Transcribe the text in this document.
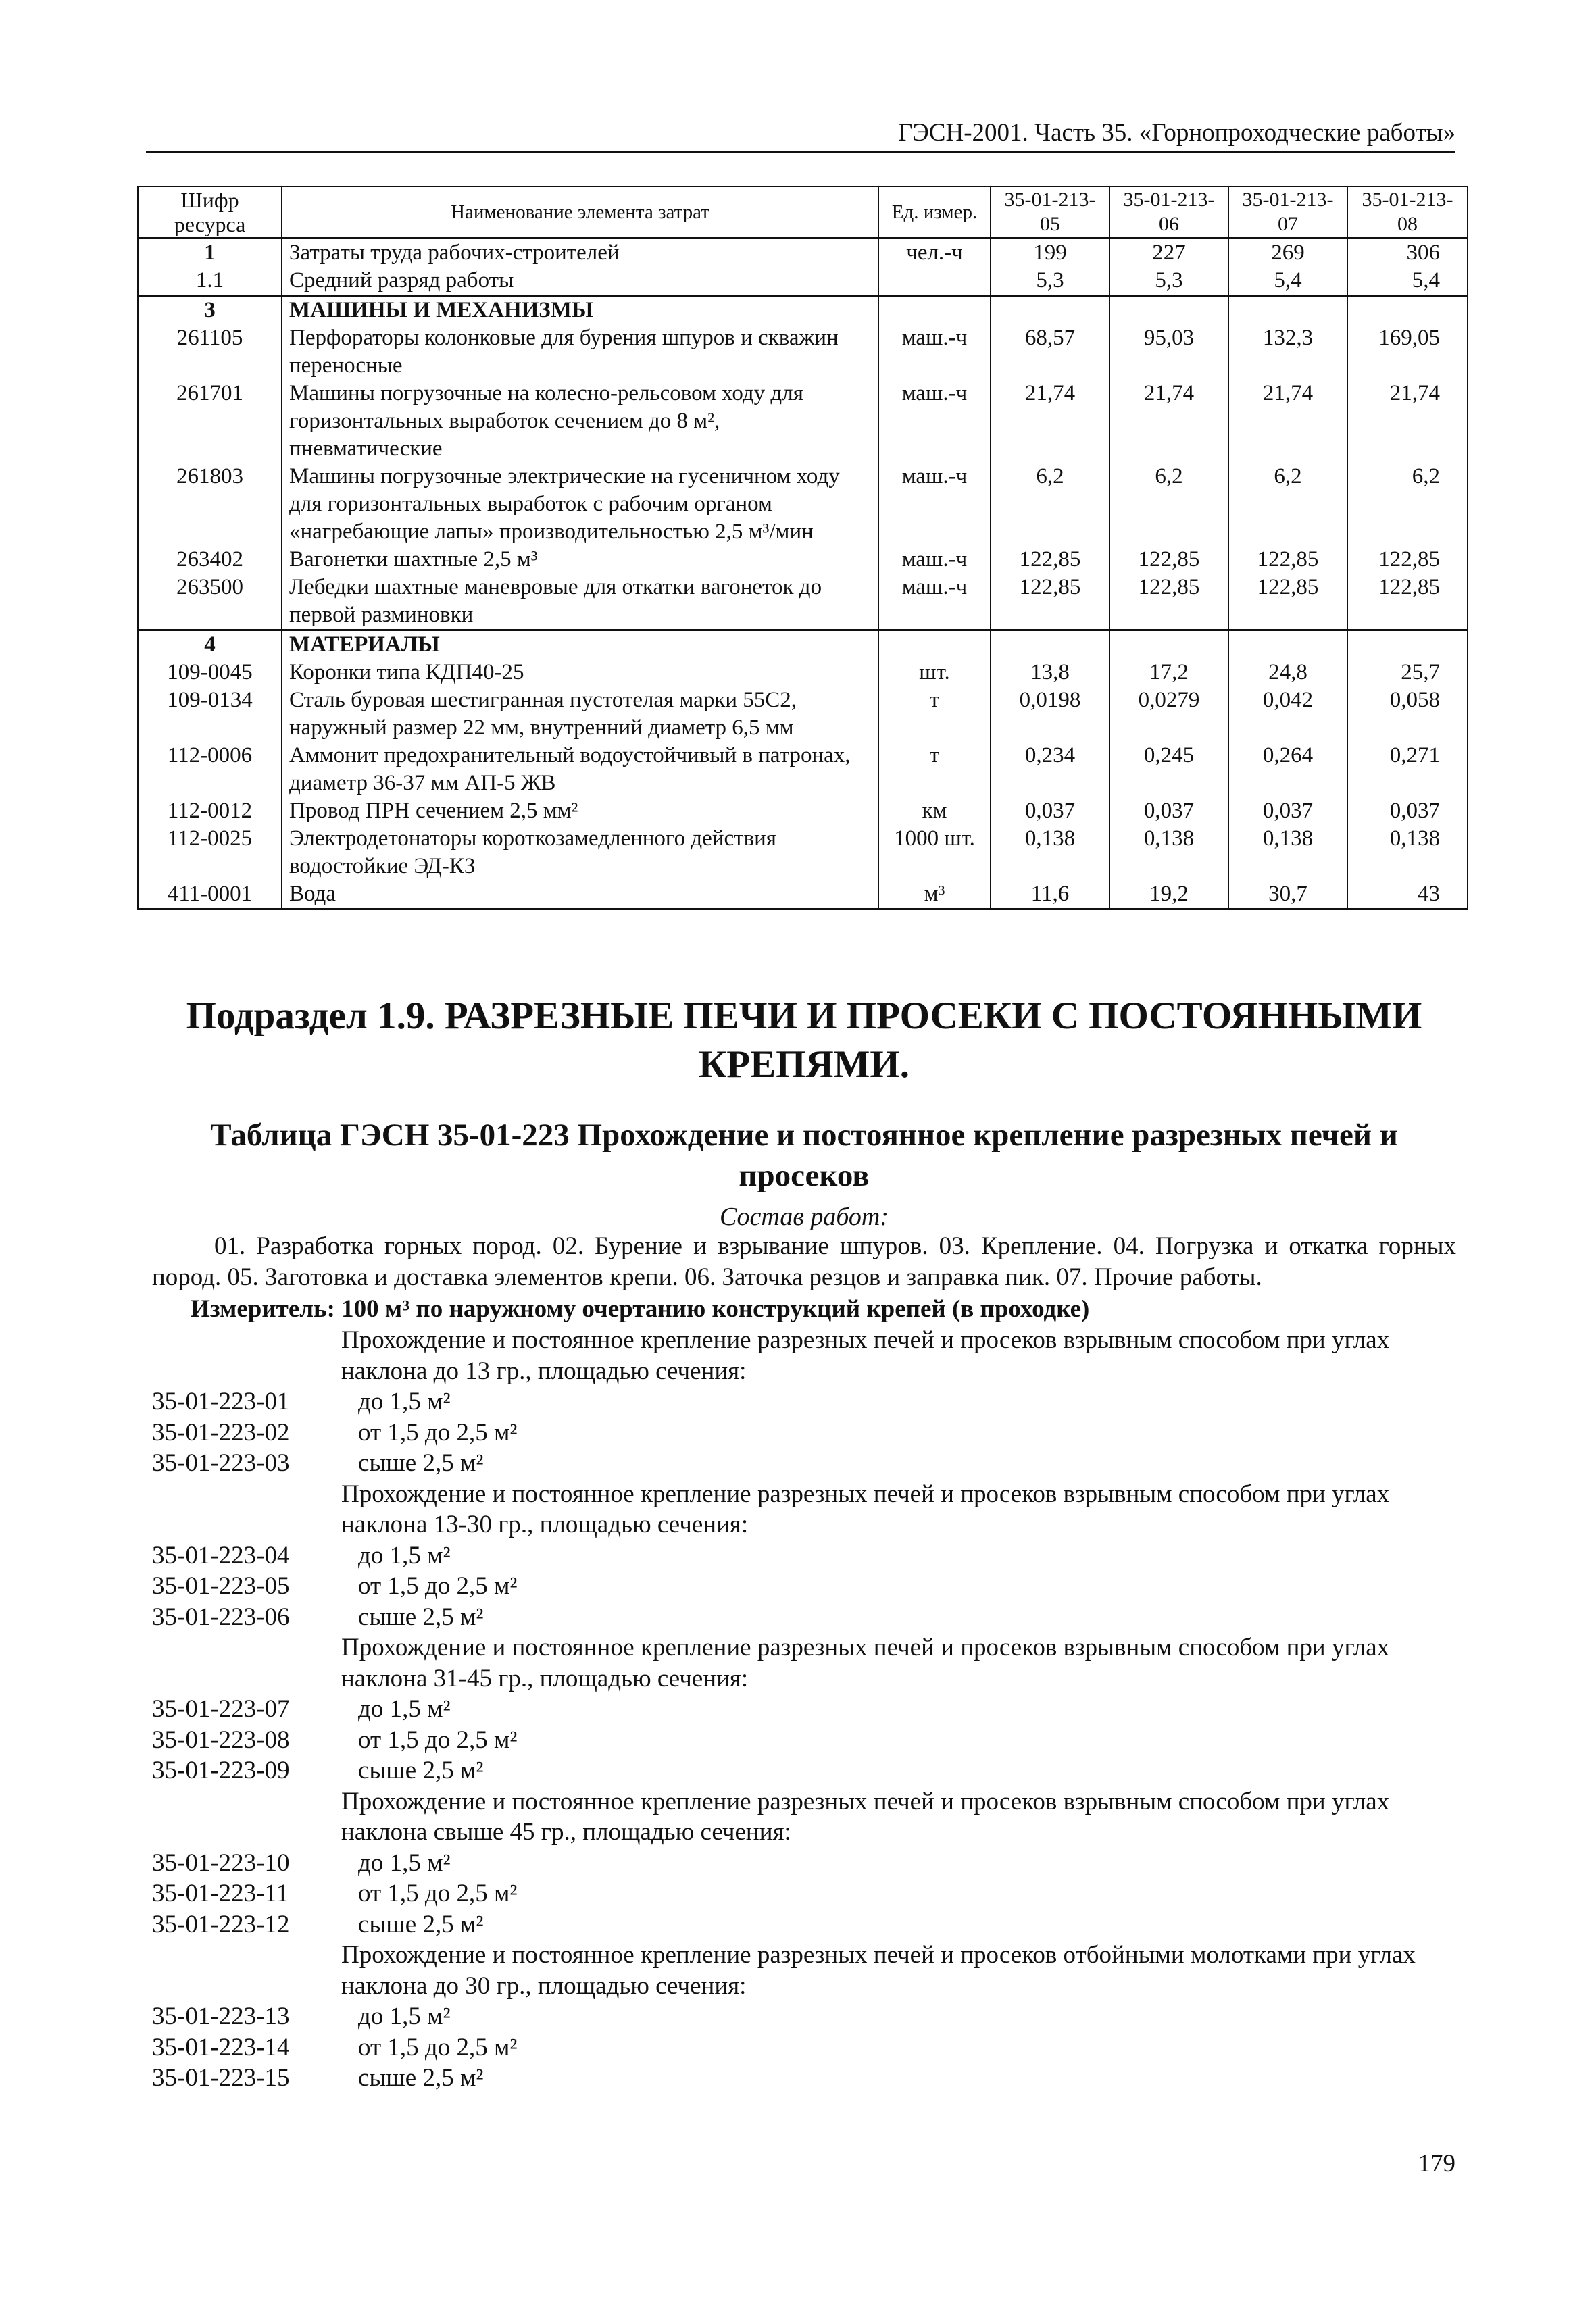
ГЭСН-2001. Часть 35. «Горнопроходческие работы»
Шифр ресурса	Наименование элемента затрат	Ед. измер.	35-01-213-05	35-01-213-06	35-01-213-07	35-01-213-08
1	Затраты труда рабочих-строителей	чел.-ч	199	227	269	306
1.1	Средний разряд работы		5,3	5,3	5,4	5,4
3	МАШИНЫ И МЕХАНИЗМЫ					
261105	Перфораторы колонковые для бурения шпуров и скважин переносные	маш.-ч	68,57	95,03	132,3	169,05
261701	Машины погрузочные на колесно-рельсовом ходу для горизонтальных выработок сечением до 8 м², пневматические	маш.-ч	21,74	21,74	21,74	21,74
261803	Машины погрузочные электрические на гусеничном ходу для горизонтальных выработок с рабочим органом «нагребающие лапы» производительностью 2,5 м³/мин	маш.-ч	6,2	6,2	6,2	6,2
263402	Вагонетки шахтные 2,5 м³	маш.-ч	122,85	122,85	122,85	122,85
263500	Лебедки шахтные маневровые для откатки вагонеток до первой разминовки	маш.-ч	122,85	122,85	122,85	122,85
4	МАТЕРИАЛЫ					
109-0045	Коронки типа КДП40-25	шт.	13,8	17,2	24,8	25,7
109-0134	Сталь буровая шестигранная пустотелая марки 55С2, наружный размер 22 мм, внутренний диаметр 6,5 мм	т	0,0198	0,0279	0,042	0,058
112-0006	Аммонит предохранительный водоустойчивый в патронах, диаметр 36-37 мм АП-5 ЖВ	т	0,234	0,245	0,264	0,271
112-0012	Провод ПРН сечением 2,5 мм²	км	0,037	0,037	0,037	0,037
112-0025	Электродетонаторы короткозамедленного действия водостойкие ЭД-КЗ	1000 шт.	0,138	0,138	0,138	0,138
411-0001	Вода	м³	11,6	19,2	30,7	43
Подраздел 1.9. РАЗРЕЗНЫЕ ПЕЧИ И ПРОСЕКИ С ПОСТОЯННЫМИ КРЕПЯМИ.
Таблица ГЭСН 35-01-223 Прохождение и постоянное крепление разрезных печей и просеков
Состав работ:
01. Разработка горных пород. 02. Бурение и взрывание шпуров. 03. Крепление. 04. Погрузка и откатка горных пород. 05. Заготовка и доставка элементов крепи. 06. Заточка резцов и заправка пик. 07. Прочие работы.
Измеритель: 100 м³ по наружному очертанию конструкций крепей (в проходке)
Прохождение и постоянное крепление разрезных печей и просеков взрывным способом при углах наклона до 13 гр., площадью сечения:
35-01-223-01	до 1,5 м²
35-01-223-02	от 1,5 до 2,5 м²
35-01-223-03	сыше 2,5 м²
Прохождение и постоянное крепление разрезных печей и просеков взрывным способом при углах наклона 13-30 гр., площадью сечения:
35-01-223-04	до 1,5 м²
35-01-223-05	от 1,5 до 2,5 м²
35-01-223-06	сыше 2,5 м²
Прохождение и постоянное крепление разрезных печей и просеков взрывным способом при углах наклона 31-45 гр., площадью сечения:
35-01-223-07	до 1,5 м²
35-01-223-08	от 1,5 до 2,5 м²
35-01-223-09	сыше 2,5 м²
Прохождение и постоянное крепление разрезных печей и просеков взрывным способом при углах наклона свыше 45 гр., площадью сечения:
35-01-223-10	до 1,5 м²
35-01-223-11	от 1,5 до 2,5 м²
35-01-223-12	сыше 2,5 м²
Прохождение и постоянное крепление разрезных печей и просеков отбойными молотками при углах наклона до 30 гр., площадью сечения:
35-01-223-13	до 1,5 м²
35-01-223-14	от 1,5 до 2,5 м²
35-01-223-15	сыше 2,5 м²
179
